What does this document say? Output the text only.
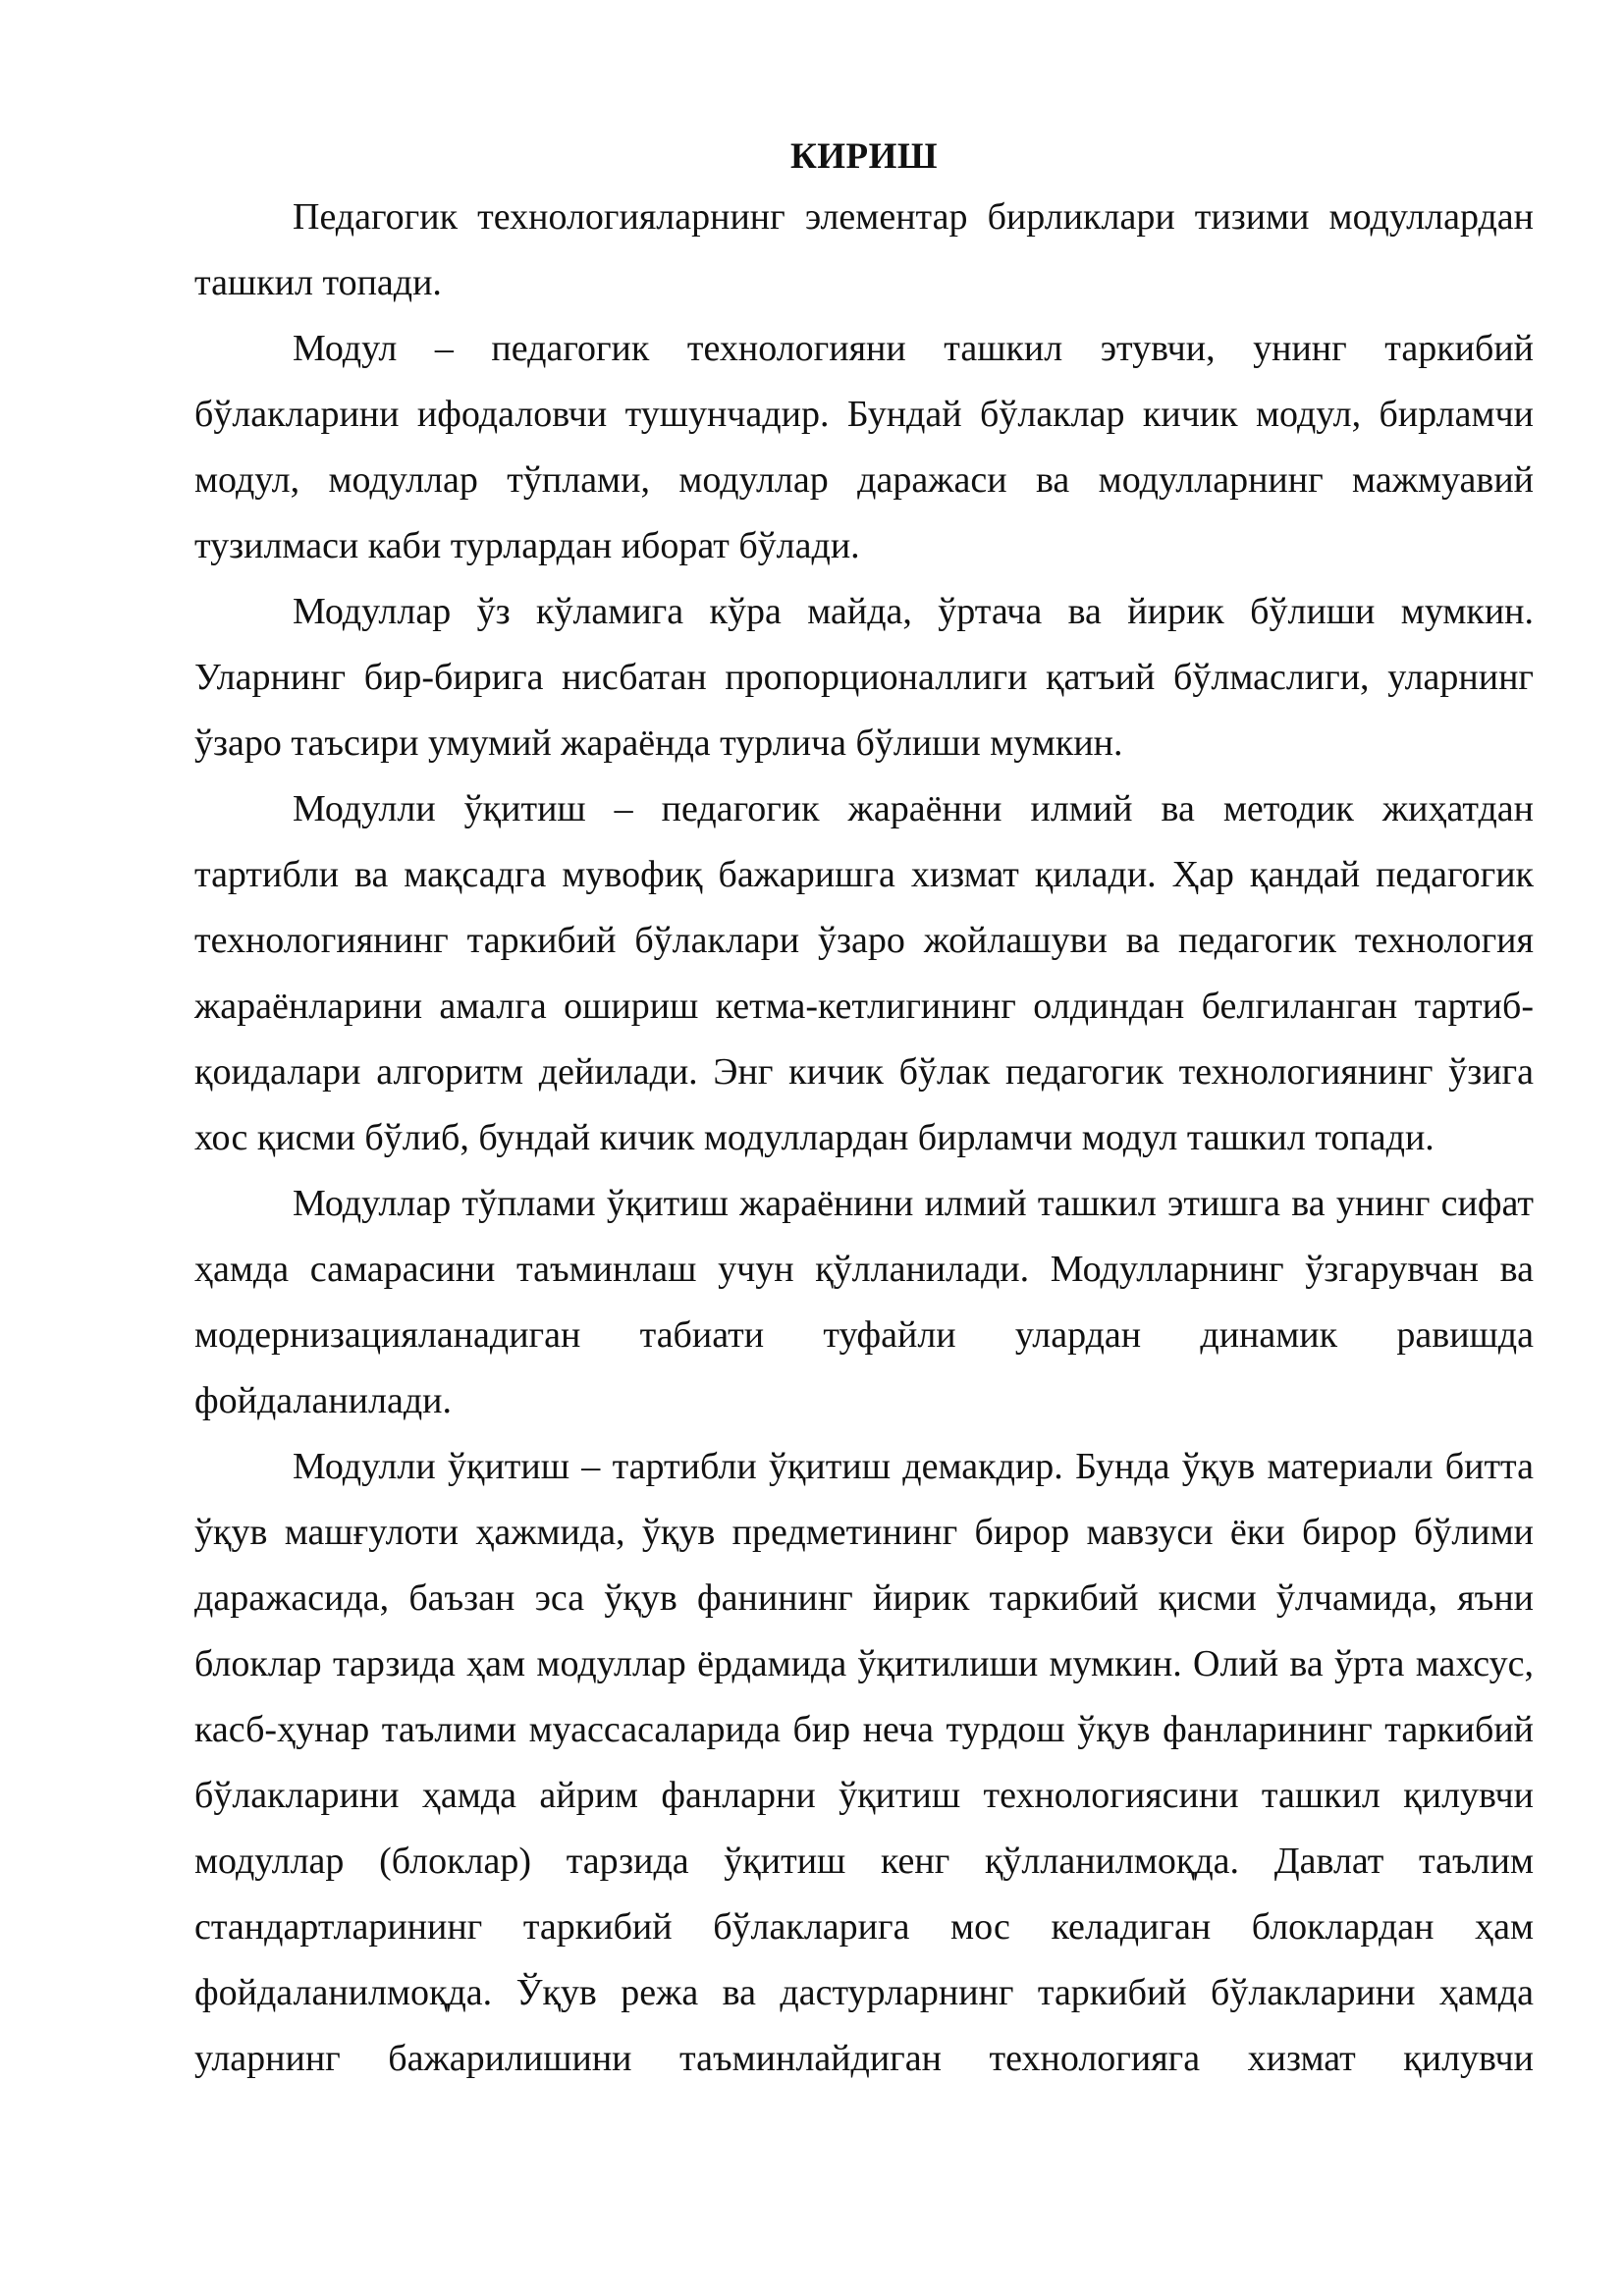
КИРИШ

Педагогик технологияларнинг элементар бирликлари тизими модуллардан ташкил топади.

Модул – педагогик технологияни ташкил этувчи, унинг таркибий бўлакларини ифодаловчи тушунчадир. Бундай бўлаклар кичик модул, бирламчи модул, модуллар тўплами, модуллар даражаси ва модулларнинг мажмуавий тузилмаси каби турлардан иборат бўлади.

Модуллар ўз кўламига кўра майда, ўртача ва йирик бўлиши мумкин. Уларнинг бир-бирига нисбатан пропорционаллиги қатъий бўлмаслиги, уларнинг ўзаро таъсири умумий жараёнда турлича бўлиши мумкин.

Модулли ўқитиш – педагогик жараённи илмий ва методик жиҳатдан тартибли ва мақсадга мувофиқ бажаришга хизмат қилади. Ҳар қандай педагогик технологиянинг таркибий бўлаклари ўзаро жойлашуви ва педагогик технология жараёнларини амалга ошириш кетма-кетлигининг олдиндан белгиланган тартиб-қоидалари алгоритм дейилади. Энг кичик бўлак педагогик технологиянинг ўзига хос қисми бўлиб, бундай кичик модуллардан бирламчи модул ташкил топади.

Модуллар тўплами ўқитиш жараёнини илмий ташкил этишга ва унинг сифат ҳамда самарасини таъминлаш учун қўлланилади. Модулларнинг ўзгарувчан ва модернизацияланадиган табиати туфайли улардан динамик равишда фойдаланилади.

Модулли ўқитиш – тартибли ўқитиш демакдир. Бунда ўқув материали битта ўқув машғулоти ҳажмида, ўқув предметининг бирор мавзуси ёки бирор бўлими даражасида, баъзан эса ўқув фанининг йирик таркибий қисми ўлчамида, яъни блоклар тарзида ҳам модуллар ёрдамида ўқитилиши мумкин. Олий ва ўрта махсус, касб-ҳунар таълими муассасаларида бир неча турдош ўқув фанларининг таркибий бўлакларини ҳамда айрим фанларни ўқитиш технологиясини ташкил қилувчи модуллар (блоклар) тарзида ўқитиш кенг қўлланилмоқда. Давлат таълим стандартларининг таркибий бўлакларига мос келадиган блоклардан ҳам фойдаланилмоқда. Ўқув режа ва дастурларнинг таркибий бўлакларини ҳамда уларнинг бажарилишини таъминлайдиган технологияга хизмат қилувчи
